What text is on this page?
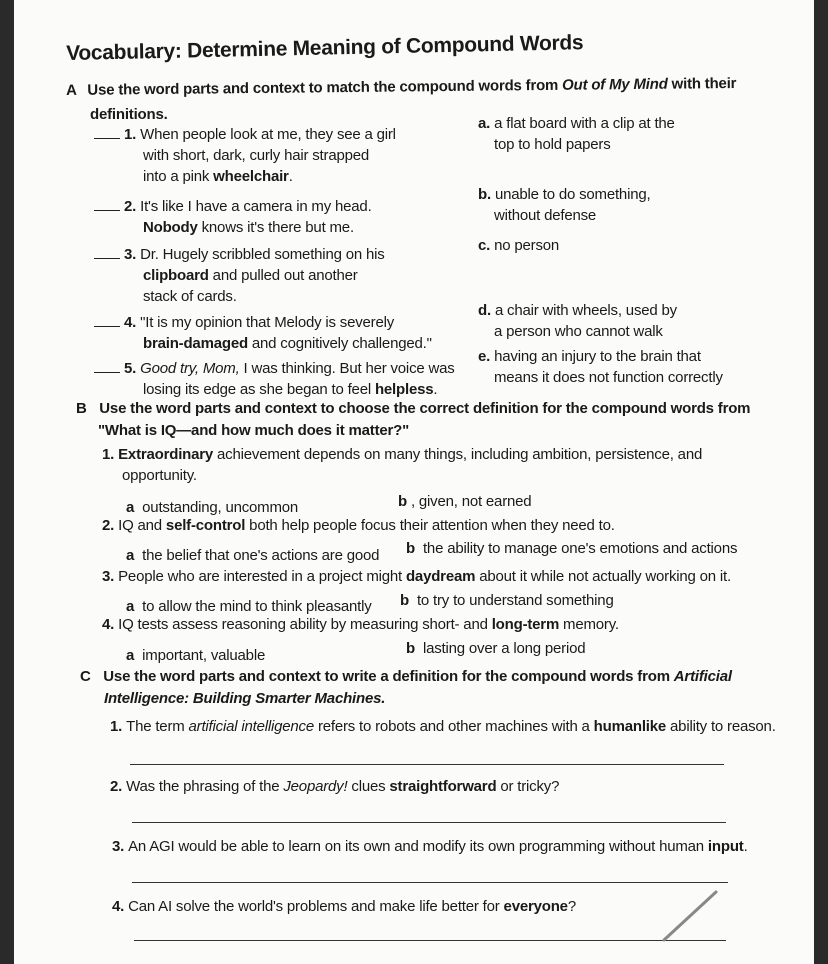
Vocabulary: Determine Meaning of Compound Words
A Use the word parts and context to match the compound words from Out of My Mind with their
definitions.
1. When people look at me, they see a girl
with short, dark, curly hair strapped
into a pink wheelchair.
2. It's like I have a camera in my head.
Nobody knows it's there but me.
3. Dr. Hugely scribbled something on his
clipboard and pulled out another
stack of cards.
4. "It is my opinion that Melody is severely
brain-damaged and cognitively challenged."
5. Good try, Mom, I was thinking. But her voice was
losing its edge as she began to feel helpless.
a. a flat board with a clip at the
top to hold papers
b. unable to do something,
without defense
c. no person
d. a chair with wheels, used by
a person who cannot walk
e. having an injury to the brain that
means it does not function correctly
B Use the word parts and context to choose the correct definition for the compound words from
"What is IQ—and how much does it matter?"
1. Extraordinary achievement depends on many things, including ambition, persistence, and
opportunity.
a outstanding, uncommon	b , given, not earned
2. IQ and self-control both help people focus their attention when they need to.
a the belief that one's actions are good b the ability to manage one's emotions and actions
3. People who are interested in a project might daydream about it while not actually working on it.
a to allow the mind to think pleasantly b to try to understand something
4. IQ tests assess reasoning ability by measuring short- and long-term memory.
a important, valuable	b lasting over a long period
C Use the word parts and context to write a definition for the compound words from Artificial
Intelligence: Building Smarter Machines.
1. The term artificial intelligence refers to robots and other machines with a humanlike ability to reason.
2. Was the phrasing of the Jeopardy! clues straightforward or tricky?
3. An AGI would be able to learn on its own and modify its own programming without human input.
4. Can AI solve the world's problems and make life better for everyone?
